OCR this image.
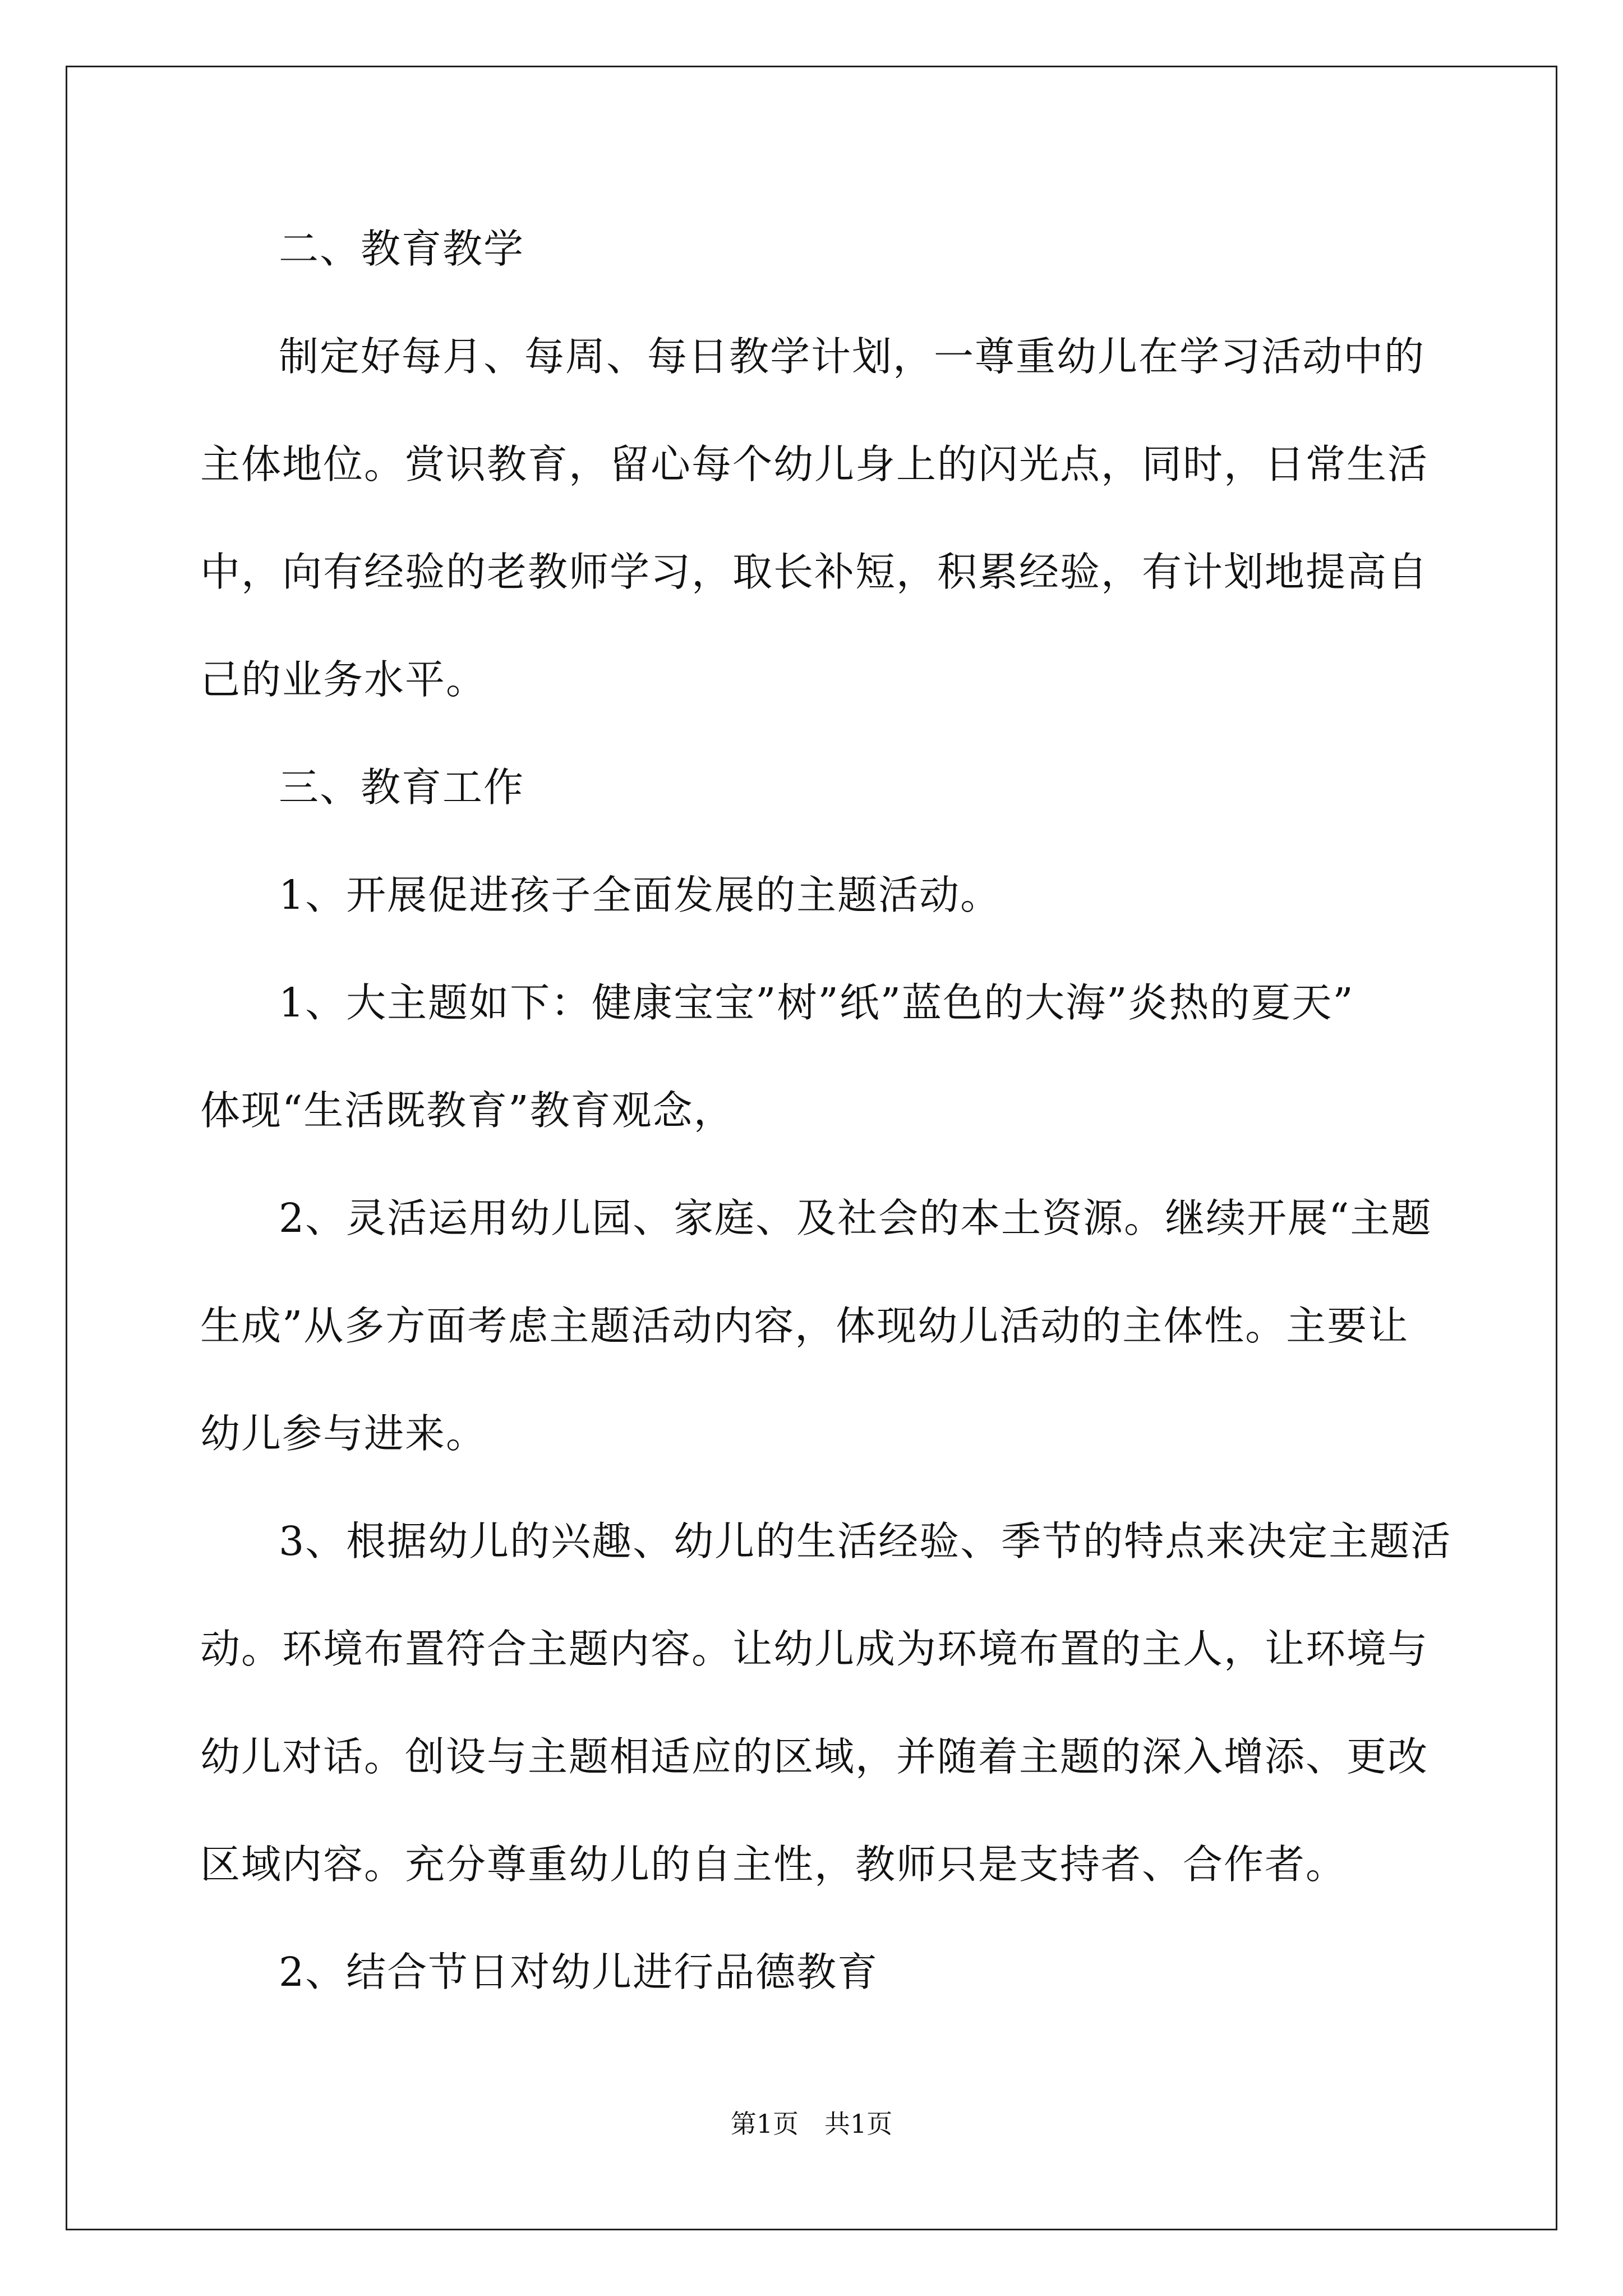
二、教育教学
制定好每月、每周、每日教学计划，一尊重幼儿在学习活动中的
主体地位。赏识教育，留心每个幼儿身上的闪光点，同时，日常生活
中，向有经验的老教师学习，取长补短，积累经验，有计划地提高自
己的业务水平。
三、教育工作
1、开展促进孩子全面发展的主题活动。
1、大主题如下：健康宝宝”树”纸”蓝色的大海”炎热的夏天”
体现“生活既教育”教育观念，
2、灵活运用幼儿园、家庭、及社会的本土资源。继续开展“主题
生成”从多方面考虑主题活动内容，体现幼儿活动的主体性。主要让
幼儿参与进来。
3、根据幼儿的兴趣、幼儿的生活经验、季节的特点来决定主题活
动。环境布置符合主题内容。让幼儿成为环境布置的主人，让环境与
幼儿对话。创设与主题相适应的区域，并随着主题的深入增添、更改
区域内容。充分尊重幼儿的自主性，教师只是支持者、合作者。
2、结合节日对幼儿进行品德教育
第1页 共1页
